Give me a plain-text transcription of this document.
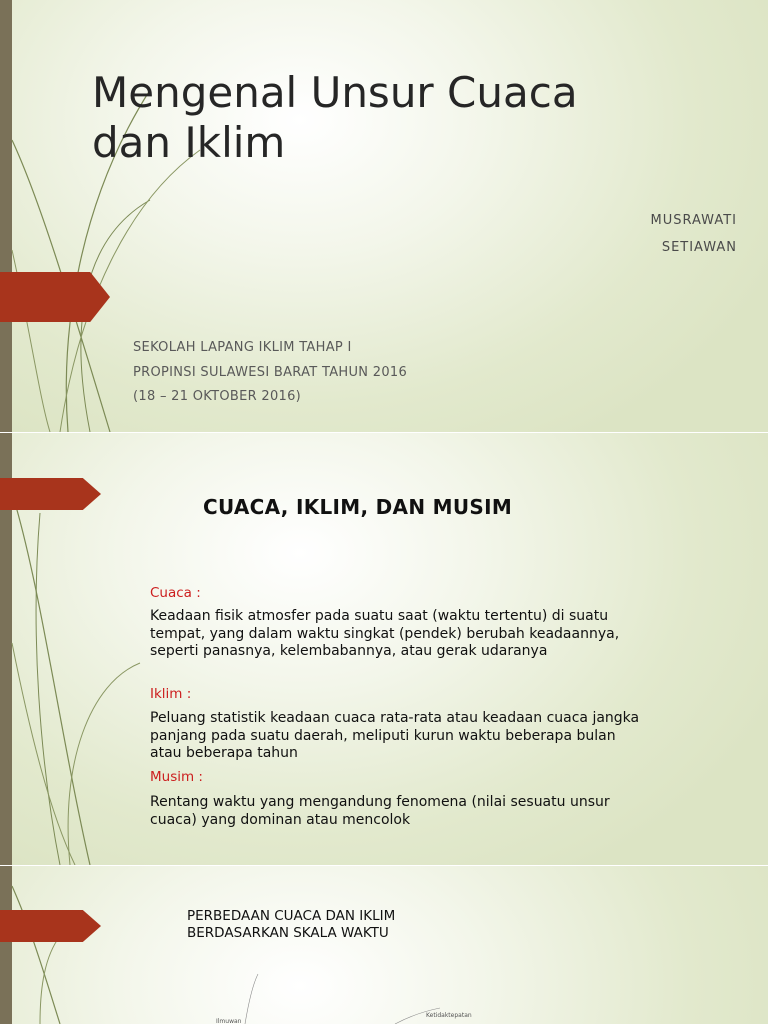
Mengenal Unsur Cuaca
dan Iklim
MUSRAWATI
SETIAWAN
SEKOLAH LAPANG IKLIM TAHAP I
PROPINSI SULAWESI BARAT TAHUN 2016
(18 – 21 OKTOBER 2016)
CUACA, IKLIM, DAN MUSIM
Cuaca :
Keadaan fisik atmosfer pada suatu saat (waktu tertentu) di suatu tempat, yang dalam waktu singkat (pendek) berubah keadaannya, seperti panasnya, kelembabannya, atau gerak udaranya
Iklim :
Peluang statistik keadaan cuaca rata-rata atau keadaan cuaca jangka panjang pada suatu daerah, meliputi kurun waktu beberapa bulan atau beberapa tahun
Musim :
Rentang waktu yang mengandung fenomena (nilai sesuatu unsur cuaca) yang dominan atau mencolok
PERBEDAAN CUACA DAN IKLIM
BERDASARKAN SKALA WAKTU
Ilmuwan
Ketidaktepatan
